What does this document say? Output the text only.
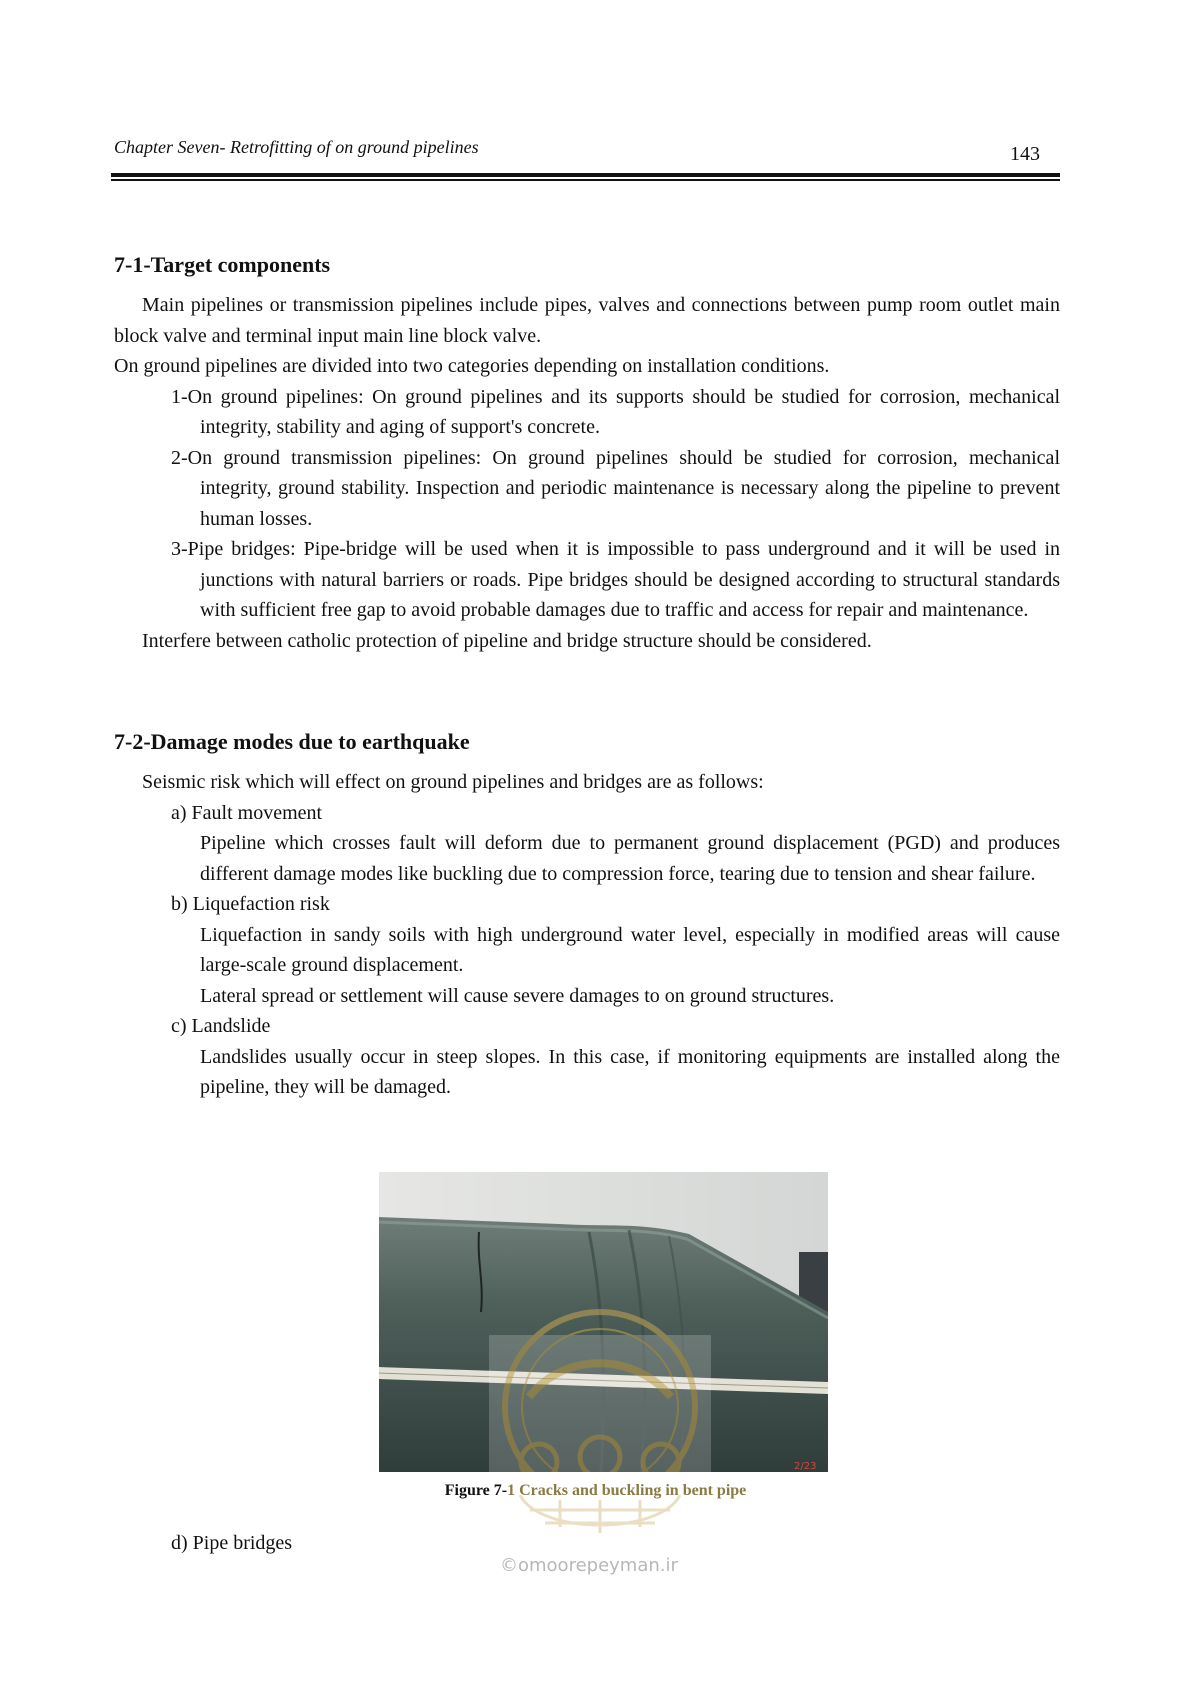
Chapter Seven- Retrofitting of on ground pipelines	143
7-1-Target components

Main pipelines or transmission pipelines include pipes, valves and connections between pump room outlet main block valve and terminal input main line block valve.

On ground pipelines are divided into two categories depending on installation conditions.

1-On ground pipelines: On ground pipelines and its supports should be studied for corrosion, mechanical integrity, stability and aging of support's concrete.

2-On ground transmission pipelines: On ground pipelines should be studied for corrosion, mechanical integrity, ground stability. Inspection and periodic maintenance is necessary along the pipeline to prevent human losses.

3-Pipe bridges: Pipe-bridge will be used when it is impossible to pass underground and it will be used in junctions with natural barriers or roads. Pipe bridges should be designed according to structural standards with sufficient free gap to avoid probable damages due to traffic and access for repair and maintenance.

Interfere between catholic protection of pipeline and bridge structure should be considered.

7-2-Damage modes due to earthquake

Seismic risk which will effect on ground pipelines and bridges are as follows:

a) Fault movement

Pipeline which crosses fault will deform due to permanent ground displacement (PGD) and produces different damage modes like buckling due to compression force, tearing due to tension and shear failure.

b) Liquefaction risk

Liquefaction in sandy soils with high underground water level, especially in modified areas will cause large-scale ground displacement.

Lateral spread or settlement will cause severe damages to on ground structures.

c) Landslide

Landslides usually occur in steep slopes. In this case, if monitoring equipments are installed along the pipeline, they will be damaged.

2/23
Figure 7-1 Cracks and buckling in bent pipe
d) Pipe bridges
©omoorepeyman.ir
